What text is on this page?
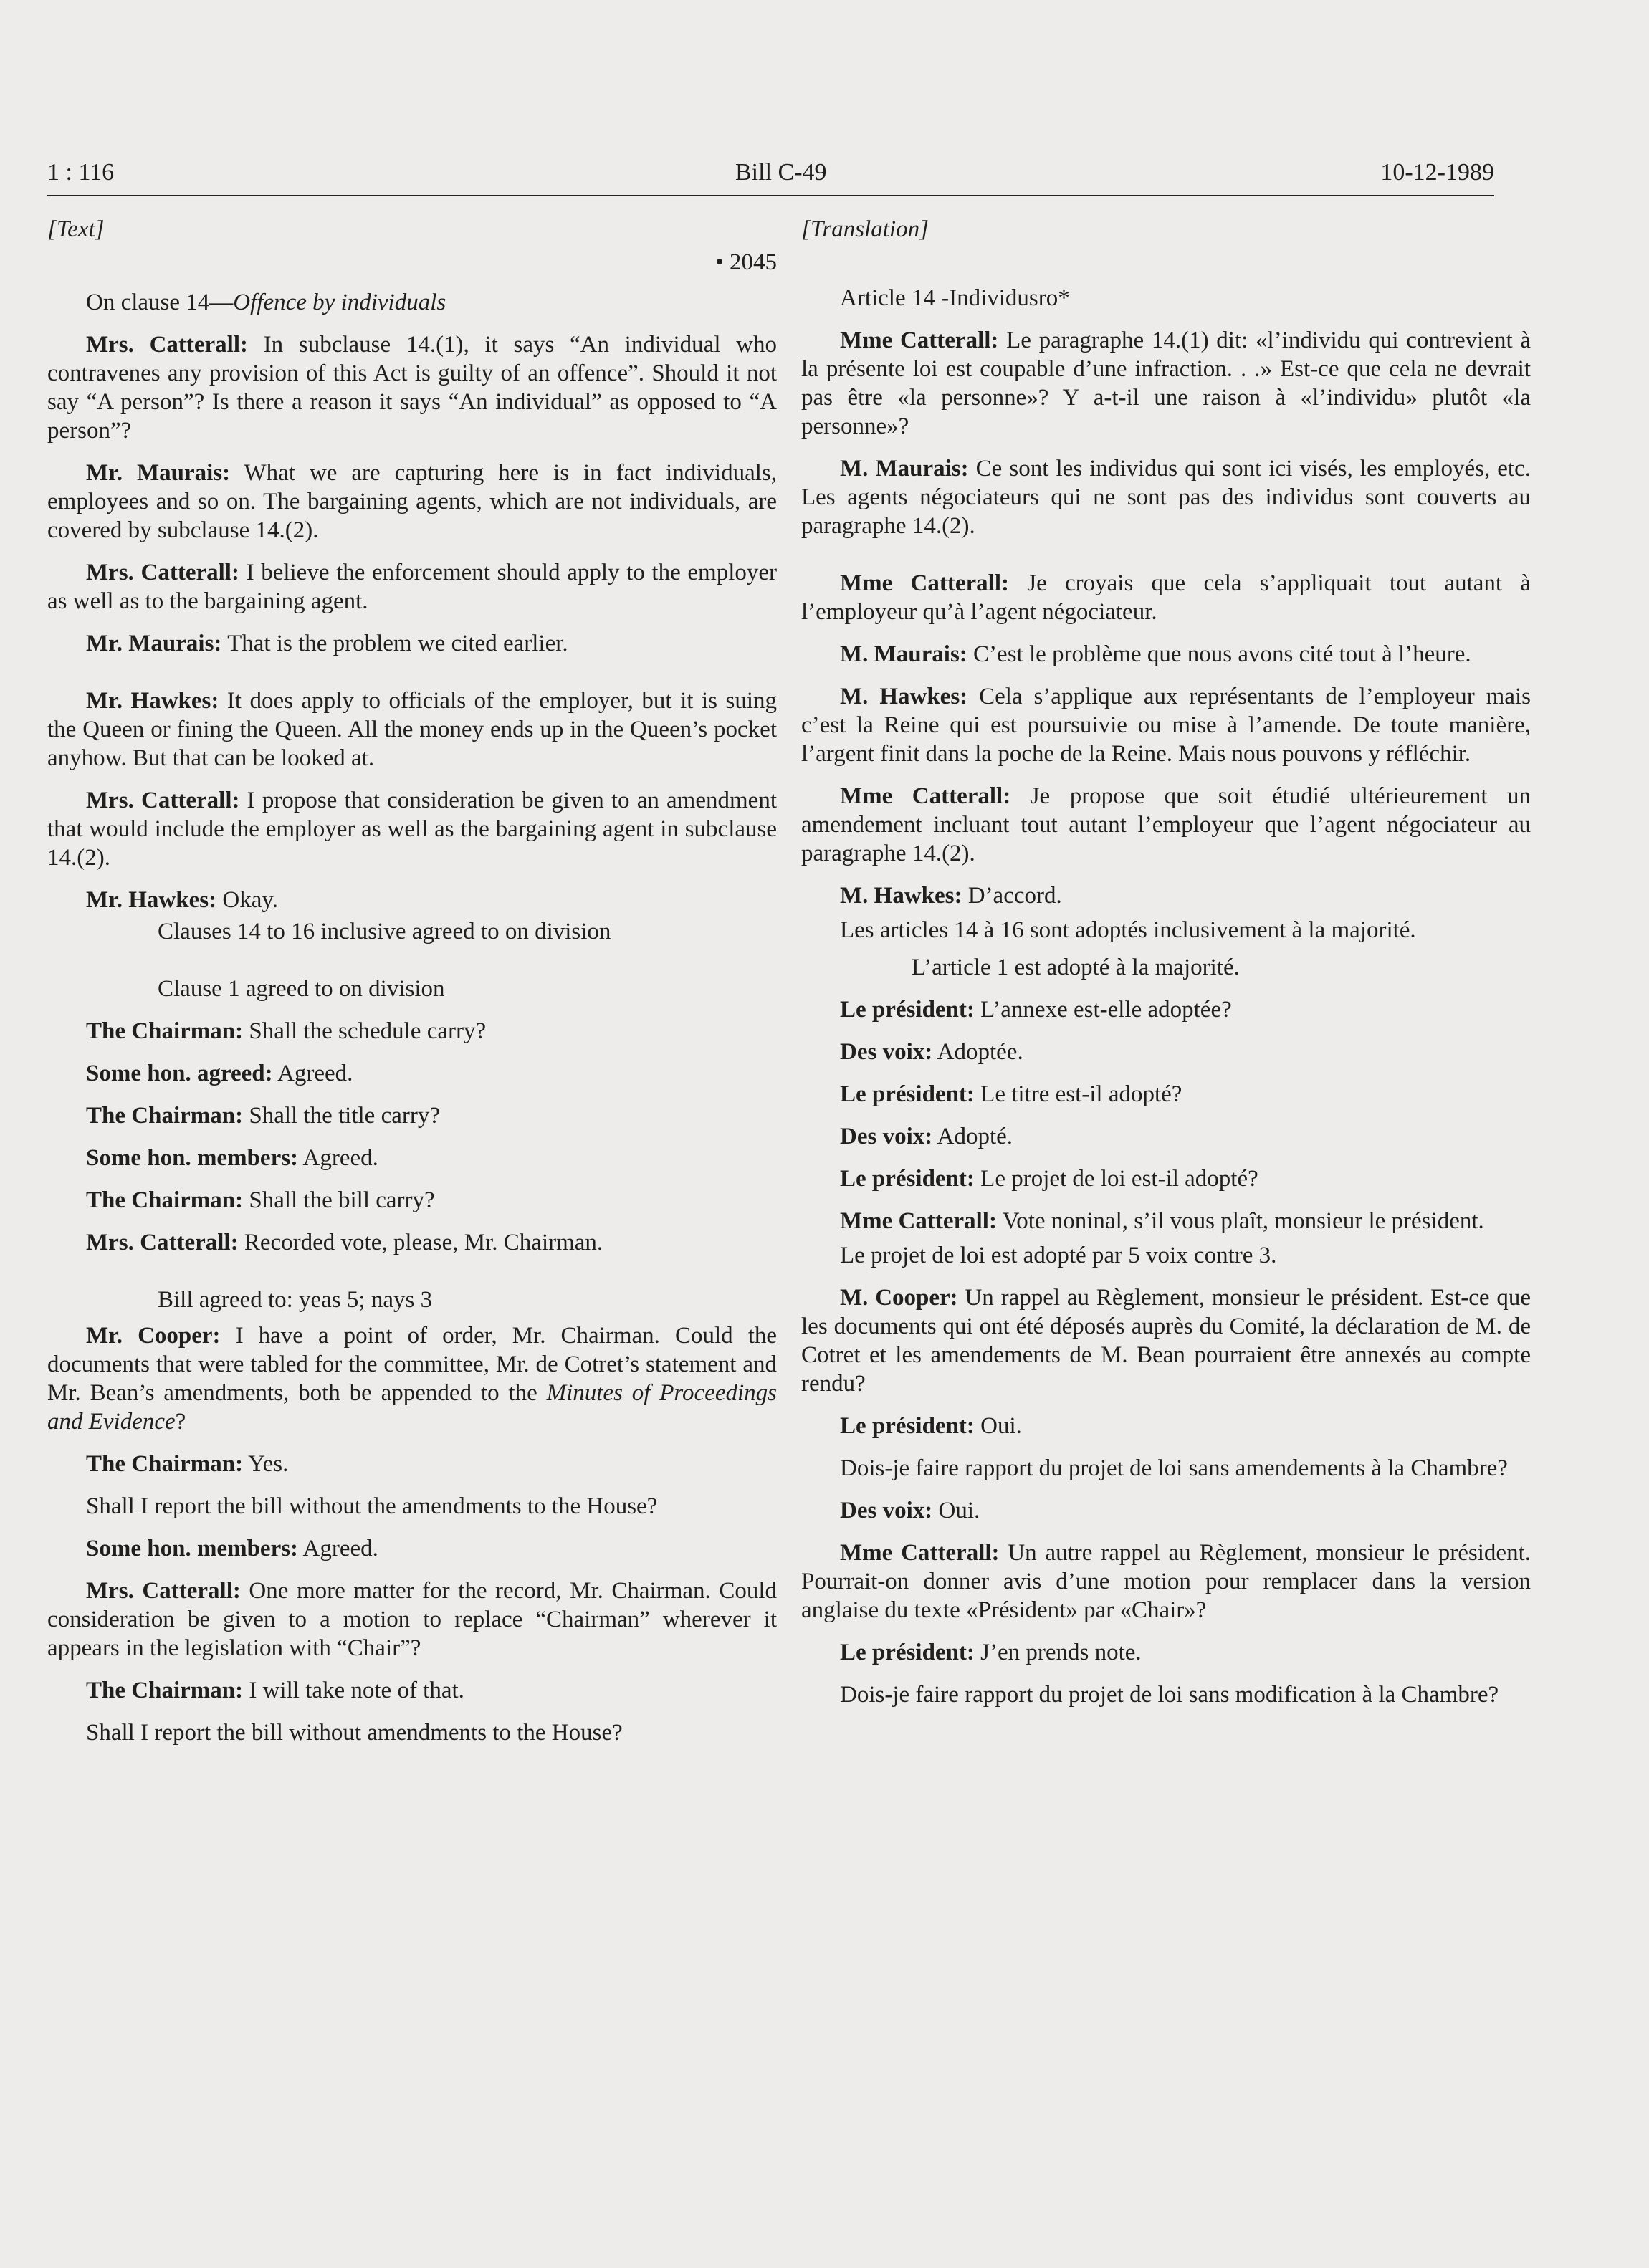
1 : 116	Bill C-49	10-12-1989

[Text]

• 2045

On clause 14—Offence by individuals

Mrs. Catterall: In subclause 14.(1), it says “An individual who contravenes any provision of this Act is guilty of an offence”. Should it not say “A person”? Is there a reason it says “An individual” as opposed to “A person”?

Mr. Maurais: What we are capturing here is in fact individuals, employees and so on. The bargaining agents, which are not individuals, are covered by subclause 14.(2).

Mrs. Catterall: I believe the enforcement should apply to the employer as well as to the bargaining agent.

Mr. Maurais: That is the problem we cited earlier.

Mr. Hawkes: It does apply to officials of the employer, but it is suing the Queen or fining the Queen. All the money ends up in the Queen’s pocket anyhow. But that can be looked at.

Mrs. Catterall: I propose that consideration be given to an amendment that would include the employer as well as the bargaining agent in subclause 14.(2).

Mr. Hawkes: Okay.

Clauses 14 to 16 inclusive agreed to on division

Clause 1 agreed to on division

The Chairman: Shall the schedule carry?

Some hon. agreed: Agreed.

The Chairman: Shall the title carry?

Some hon. members: Agreed.

The Chairman: Shall the bill carry?

Mrs. Catterall: Recorded vote, please, Mr. Chairman.

Bill agreed to: yeas 5; nays 3

Mr. Cooper: I have a point of order, Mr. Chairman. Could the documents that were tabled for the committee, Mr. de Cotret’s statement and Mr. Bean’s amendments, both be appended to the Minutes of Proceedings and Evidence?

The Chairman: Yes.

Shall I report the bill without the amendments to the House?

Some hon. members: Agreed.

Mrs. Catterall: One more matter for the record, Mr. Chairman. Could consideration be given to a motion to replace “Chairman” wherever it appears in the legislation with “Chair”?

The Chairman: I will take note of that.

Shall I report the bill without amendments to the House?

[Translation]

Article 14 -Individusro*

Mme Catterall: Le paragraphe 14.(1) dit: «l’individu qui contrevient à la présente loi est coupable d’une infraction. . .» Est-ce que cela ne devrait pas être «la personne»? Y a-t-il une raison à «l’individu» plutôt «la personne»?

M. Maurais: Ce sont les individus qui sont ici visés, les employés, etc. Les agents négociateurs qui ne sont pas des individus sont couverts au paragraphe 14.(2).

Mme Catterall: Je croyais que cela s’appliquait tout autant à l’employeur qu’à l’agent négociateur.

M. Maurais: C’est le problème que nous avons cité tout à l’heure.

M. Hawkes: Cela s’applique aux représentants de l’employeur mais c’est la Reine qui est poursuivie ou mise à l’amende. De toute manière, l’argent finit dans la poche de la Reine. Mais nous pouvons y réfléchir.

Mme Catterall: Je propose que soit étudié ultérieurement un amendement incluant tout autant l’employeur que l’agent négociateur au paragraphe 14.(2).

M. Hawkes: D’accord.

Les articles 14 à 16 sont adoptés inclusivement à la majorité.

L’article 1 est adopté à la majorité.

Le président: L’annexe est-elle adoptée?

Des voix: Adoptée.

Le président: Le titre est-il adopté?

Des voix: Adopté.

Le président: Le projet de loi est-il adopté?

Mme Catterall: Vote noninal, s’il vous plaît, monsieur le président.

Le projet de loi est adopté par 5 voix contre 3.

M. Cooper: Un rappel au Règlement, monsieur le président. Est-ce que les documents qui ont été déposés auprès du Comité, la déclaration de M. de Cotret et les amendements de M. Bean pourraient être annexés au compte rendu?

Le président: Oui.

Dois-je faire rapport du projet de loi sans amendements à la Chambre?

Des voix: Oui.

Mme Catterall: Un autre rappel au Règlement, monsieur le président. Pourrait-on donner avis d’une motion pour remplacer dans la version anglaise du texte «Président» par «Chair»?

Le président: J’en prends note.

Dois-je faire rapport du projet de loi sans modification à la Chambre?
